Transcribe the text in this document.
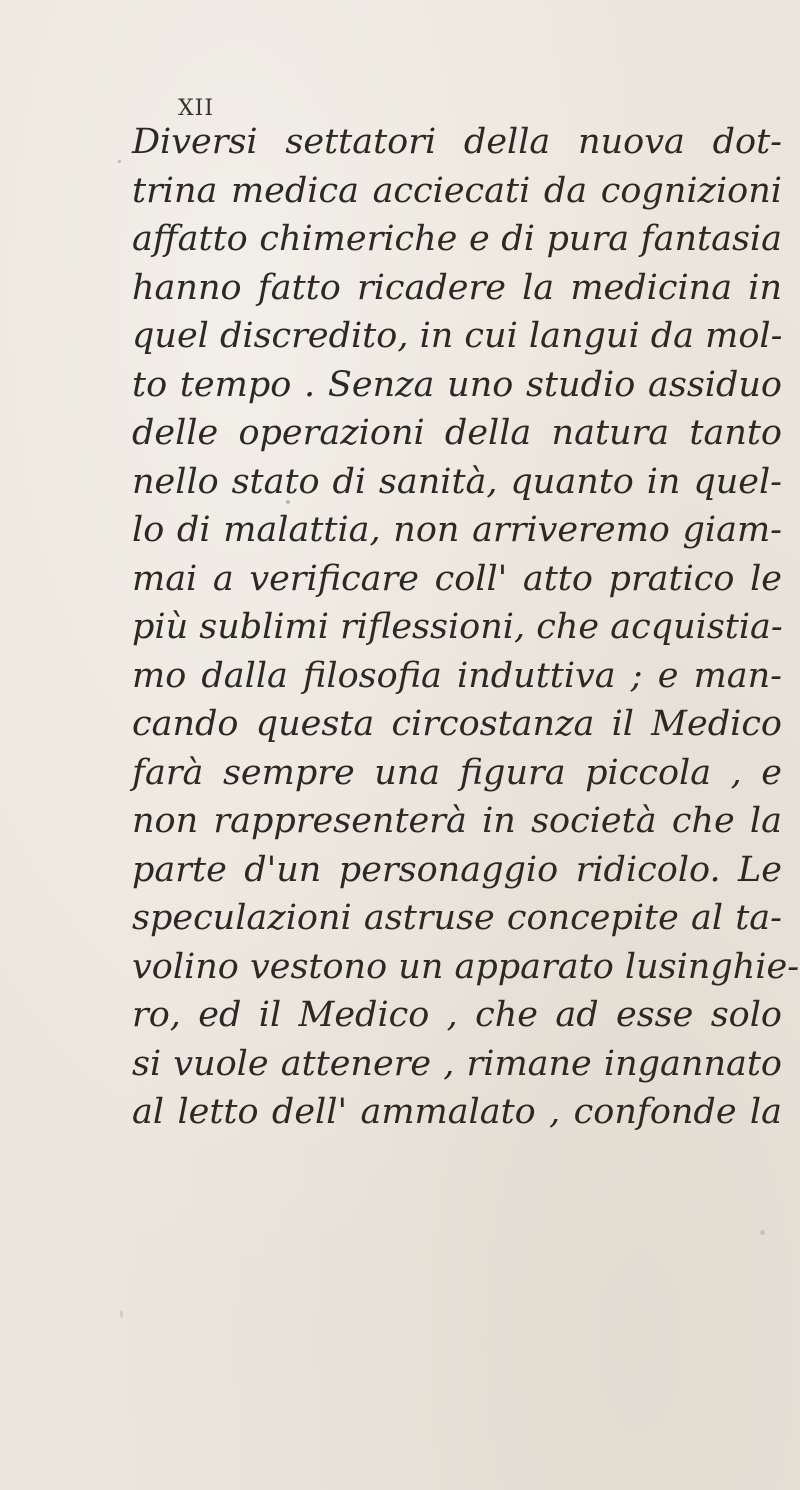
XII
Diversi settatori della nuova dot-
trina medica acciecati da cognizioni
affatto chimeriche e di pura fantasia
hanno fatto ricadere la medicina in
quel discredito, in cui langui da mol-
to tempo . Senza uno studio assiduo
delle operazioni della natura tanto
nello stato di sanità, quanto in quel-
lo di malattia, non arriveremo giam-
mai a verificare coll' atto pratico le
più sublimi riflessioni, che acquistia-
mo dalla filosofia induttiva ; e man-
cando questa circostanza il Medico
farà sempre una figura piccola , e
non rappresenterà in società che la
parte d'un personaggio ridicolo. Le
speculazioni astruse concepite al ta-
volino vestono un apparato lusinghie-
ro, ed il Medico , che ad esse solo
si vuole attenere , rimane ingannato
al letto dell' ammalato , confonde la
